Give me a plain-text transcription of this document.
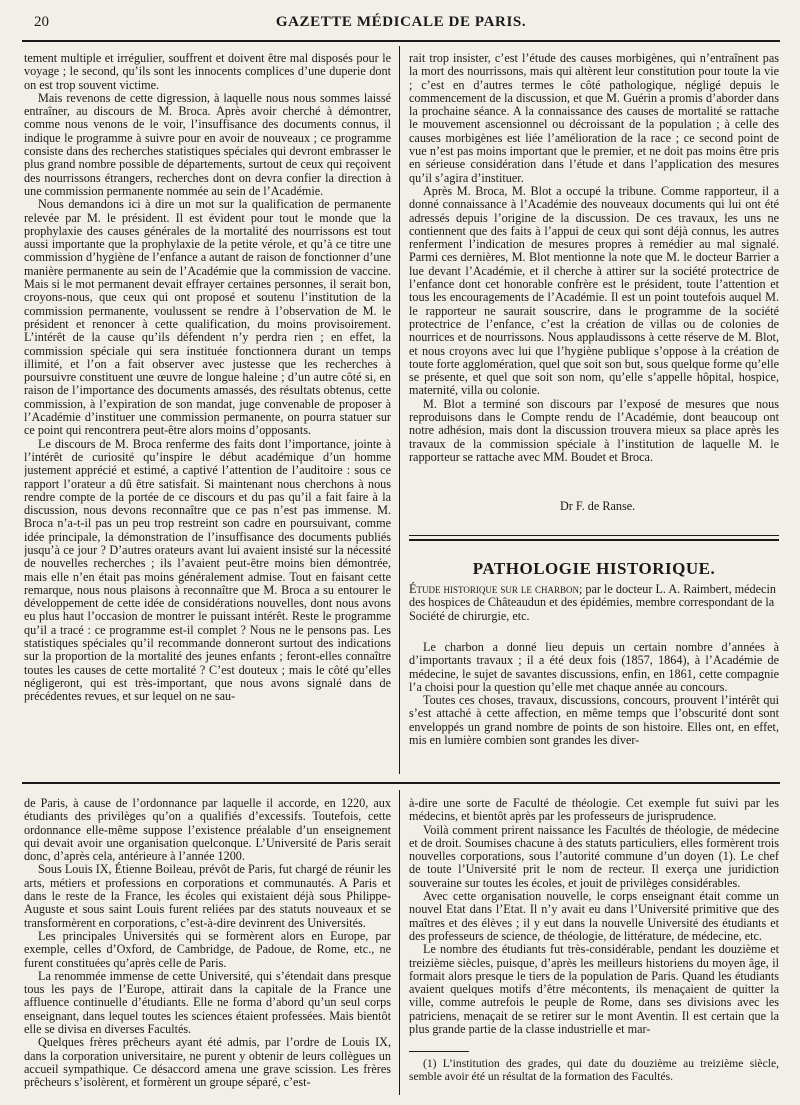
20	GAZETTE MÉDICALE DE PARIS.

tement multiple et irrégulier, souffrent et doivent être mal disposés pour le voyage ; le second, qu’ils sont les innocents complices d’une duperie dont on est trop souvent victime.

Mais revenons de cette digression, à laquelle nous nous sommes laissé entraîner, au discours de M. Broca. Après avoir cherché à démontrer, comme nous venons de le voir, l’insuffisance des documents connus, il indique le programme à suivre pour en avoir de nouveaux ; ce programme consiste dans des recherches statistiques spéciales qui devront embrasser le plus grand nombre possible de départements, surtout de ceux qui reçoivent des nourrissons étrangers, recherches dont on devra confier la direction à une commission permanente nommée au sein de l’Académie.

Nous demandons ici à dire un mot sur la qualification de permanente relevée par M. le président. Il est évident pour tout le monde que la prophylaxie des causes générales de la mortalité des nourrissons est tout aussi importante que la prophylaxie de la petite vérole, et qu’à ce titre une commission d’hygiène de l’enfance a autant de raison de fonctionner d’une manière permanente au sein de l’Académie que la commission de vaccine. Mais si le mot permanent devait effrayer certaines personnes, il serait bon, croyons-nous, que ceux qui ont proposé et soutenu l’institution de la commission permanente, voulussent se rendre à l’observation de M. le président et renoncer à cette qualification, du moins provisoirement. L’intérêt de la cause qu’ils défendent n’y perdra rien ; en effet, la commission spéciale qui sera instituée fonctionnera durant un temps illimité, et l’on a fait observer avec justesse que les recherches à poursuivre constituent une œuvre de longue haleine ; d’un autre côté si, en raison de l’importance des documents amassés, des résultats obtenus, cette commission, à l’expiration de son mandat, juge convenable de proposer à l’Académie d’instituer une commission permanente, on pourra statuer sur ce point qui rencontrera peut-être alors moins d’opposants.

Le discours de M. Broca renferme des faits dont l’importance, jointe à l’intérêt de curiosité qu’inspire le début académique d’un homme justement apprécié et estimé, a captivé l’attention de l’auditoire : sous ce rapport l’orateur a dû être satisfait. Si maintenant nous cherchons à nous rendre compte de la portée de ce discours et du pas qu’il a fait faire à la discussion, nous devons reconnaître que ce pas n’est pas immense. M. Broca n’a-t-il pas un peu trop restreint son cadre en poursuivant, comme idée principale, la démonstration de l’insuffisance des documents publiés jusqu’à ce jour ? D’autres orateurs avant lui avaient insisté sur la nécessité de nouvelles recherches ; ils l’avaient peut-être moins bien démontrée, mais elle n’en était pas moins généralement admise. Tout en faisant cette remarque, nous nous plaisons à reconnaître que M. Broca a su entourer le développement de cette idée de considérations nouvelles, dont nous avons eu plus haut l’occasion de montrer le puissant intérêt. Reste le programme qu’il a tracé : ce programme est-il complet ? Nous ne le pensons pas. Les statistiques spéciales qu’il recommande donneront surtout des indications sur la proportion de la mortalité des jeunes enfants ; feront-elles connaître toutes les causes de cette mortalité ? C’est douteux ; mais le côté qu’elles négligeront, qui est très-important, que nous avons signalé dans de précédentes revues, et sur lequel on ne sau-

rait trop insister, c’est l’étude des causes morbigènes, qui n’entraînent pas la mort des nourrissons, mais qui altèrent leur constitution pour toute la vie ; c’est en d’autres termes le côté pathologique, négligé depuis le commencement de la discussion, et que M. Guérin a promis d’aborder dans la prochaine séance. A la connaissance des causes de mortalité se rattache le mouvement ascensionnel ou décroissant de la population ; à celle des causes morbigènes est liée l’amélioration de la race ; ce second point de vue n’est pas moins important que le premier, et ne doit pas moins être pris en sérieuse considération dans l’étude et dans l’application des mesures qu’il s’agira d’instituer.

Après M. Broca, M. Blot a occupé la tribune. Comme rapporteur, il a donné connaissance à l’Académie des nouveaux documents qui lui ont été adressés depuis l’origine de la discussion. De ces travaux, les uns ne contiennent que des faits à l’appui de ceux qui sont déjà connus, les autres renferment l’indication de mesures propres à remédier au mal signalé. Parmi ces dernières, M. Blot mentionne la note que M. le docteur Barrier a lue devant l’Académie, et il cherche à attirer sur la société protectrice de l’enfance dont cet honorable confrère est le président, toute l’attention et tous les encouragements de l’Académie. Il est un point toutefois auquel M. le rapporteur ne saurait souscrire, dans le programme de la société protectrice de l’enfance, c’est la création de villas ou de colonies de nourrices et de nourrissons. Nous applaudissons à cette réserve de M. Blot, et nous croyons avec lui que l’hygiène publique s’oppose à la création de toute forte agglomération, quel que soit son but, sous quelque forme qu’elle se présente, et quel que soit son nom, qu’elle s’appelle hôpital, hospice, maternité, villa ou colonie.

M. Blot a terminé son discours par l’exposé de mesures que nous reproduisons dans le Compte rendu de l’Académie, dont beaucoup ont notre adhésion, mais dont la discussion trouvera mieux sa place après les travaux de la commission spéciale à l’institution de laquelle M. le rapporteur se rattache avec MM. Boudet et Broca.

Dr F. de Ranse.
PATHOLOGIE HISTORIQUE.
Étude historique sur le charbon; par le docteur L. A. Raimbert, médecin des hospices de Châteaudun et des épidémies, membre correspondant de la Société de chirurgie, etc.

Le charbon a donné lieu depuis un certain nombre d’années à d’importants travaux ; il a été deux fois (1857, 1864), à l’Académie de médecine, le sujet de savantes discussions, enfin, en 1861, cette compagnie l’a choisi pour la question qu’elle met chaque année au concours.

Toutes ces choses, travaux, discussions, concours, prouvent l’intérêt qui s’est attaché à cette affection, en même temps que l’obscurité dont sont enveloppés un grand nombre de points de son histoire. Elles ont, en effet, mis en lumière combien sont grandes les diver-

de Paris, à cause de l’ordonnance par laquelle il accorde, en 1220, aux étudiants des privilèges qu’on a qualifiés d’excessifs. Toutefois, cette ordonnance elle-même suppose l’existence préalable d’un enseignement qui devait avoir une organisation quelconque. L’Université de Paris serait donc, d’après cela, antérieure à l’année 1200.

Sous Louis IX, Étienne Boileau, prévôt de Paris, fut chargé de réunir les arts, métiers et professions en corporations et communautés. A Paris et dans le reste de la France, les écoles qui existaient déjà sous Philippe-Auguste et sous saint Louis furent reliées par des statuts nouveaux et se transformèrent en corporations, c’est-à-dire devinrent des Universités.

Les principales Universités qui se formèrent alors en Europe, par exemple, celles d’Oxford, de Cambridge, de Padoue, de Rome, etc., ne furent constituées qu’après celle de Paris.

La renommée immense de cette Université, qui s’étendait dans presque tous les pays de l’Europe, attirait dans la capitale de la France une affluence continuelle d’étudiants. Elle ne forma d’abord qu’un seul corps enseignant, dans lequel toutes les sciences étaient professées. Mais bientôt elle se divisa en diverses Facultés.

Quelques frères prêcheurs ayant été admis, par l’ordre de Louis IX, dans la corporation universitaire, ne purent y obtenir de leurs collègues un accueil sympathique. Ce désaccord amena une grave scission. Les frères prêcheurs s’isolèrent, et formèrent un groupe séparé, c’est-

à-dire une sorte de Faculté de théologie. Cet exemple fut suivi par les médecins, et bientôt après par les professeurs de jurisprudence.

Voilà comment prirent naissance les Facultés de théologie, de médecine et de droit. Soumises chacune à des statuts particuliers, elles formèrent trois nouvelles corporations, sous l’autorité commune d’un doyen (1). Le chef de toute l’Université prit le nom de recteur. Il exerça une juridiction souveraine sur toutes les écoles, et jouit de privilèges considérables.

Avec cette organisation nouvelle, le corps enseignant était comme un nouvel Etat dans l’Etat. Il n’y avait eu dans l’Université primitive que des maîtres et des élèves ; il y eut dans la nouvelle Université des étudiants et des professeurs de science, de théologie, de littérature, de médecine, etc.

Le nombre des étudiants fut très-considérable, pendant les douzième et treizième siècles, puisque, d’après les meilleurs historiens du moyen âge, il formait alors presque le tiers de la population de Paris. Quand les étudiants avaient quelques motifs d’être mécontents, ils menaçaient de quitter la ville, comme autrefois le peuple de Rome, dans ses divisions avec les patriciens, menaçait de se retirer sur le mont Aventin. Il est certain que la plus grande partie de la classe industrielle et mar-

(1) L’institution des grades, qui date du douzième au treizième siècle, semble avoir été un résultat de la formation des Facultés.
